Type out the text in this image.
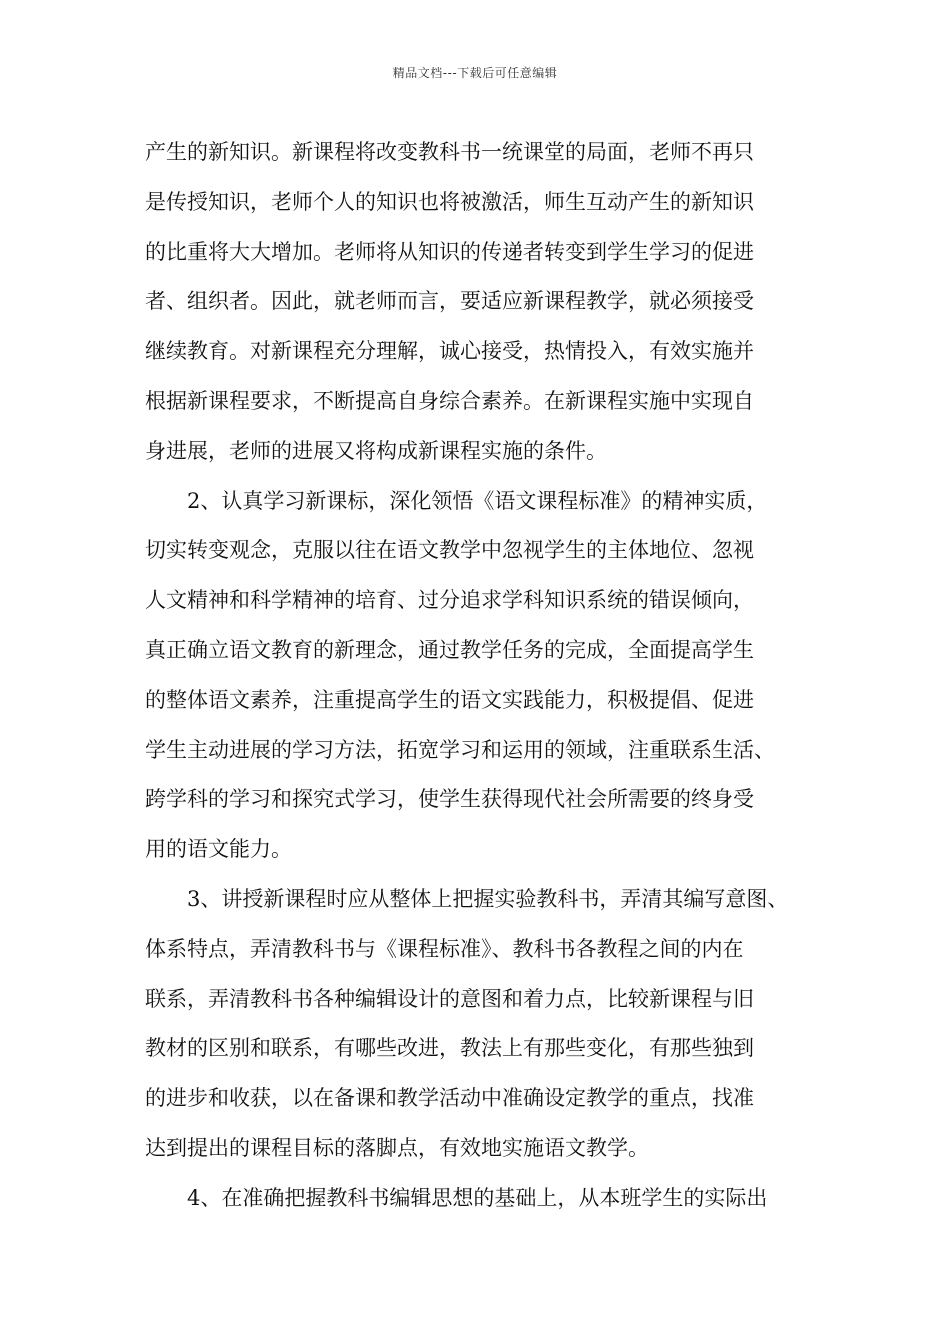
精品文档---下载后可任意编辑
产生的新知识。新课程将改变教科书一统课堂的局面，老师不再只
是传授知识，老师个人的知识也将被激活，师生互动产生的新知识
的比重将大大增加。老师将从知识的传递者转变到学生学习的促进
者、组织者。因此，就老师而言，要适应新课程教学，就必须接受
继续教育。对新课程充分理解，诚心接受，热情投入，有效实施并
根据新课程要求，不断提高自身综合素养。在新课程实施中实现自
身进展，老师的进展又将构成新课程实施的条件。
2、认真学习新课标，深化领悟《语文课程标准》的精神实质，
切实转变观念，克服以往在语文教学中忽视学生的主体地位、忽视
人文精神和科学精神的培育、过分追求学科知识系统的错误倾向，
真正确立语文教育的新理念，通过教学任务的完成，全面提高学生
的整体语文素养，注重提高学生的语文实践能力，积极提倡、促进
学生主动进展的学习方法，拓宽学习和运用的领域，注重联系生活、
跨学科的学习和探究式学习，使学生获得现代社会所需要的终身受
用的语文能力。
3、讲授新课程时应从整体上把握实验教科书，弄清其编写意图、
体系特点，弄清教科书与《课程标准》、教科书各教程之间的内在
联系，弄清教科书各种编辑设计的意图和着力点，比较新课程与旧
教材的区别和联系，有哪些改进，教法上有那些变化，有那些独到
的进步和收获，以在备课和教学活动中准确设定教学的重点，找准
达到提出的课程目标的落脚点，有效地实施语文教学。
4、在准确把握教科书编辑思想的基础上，从本班学生的实际出
